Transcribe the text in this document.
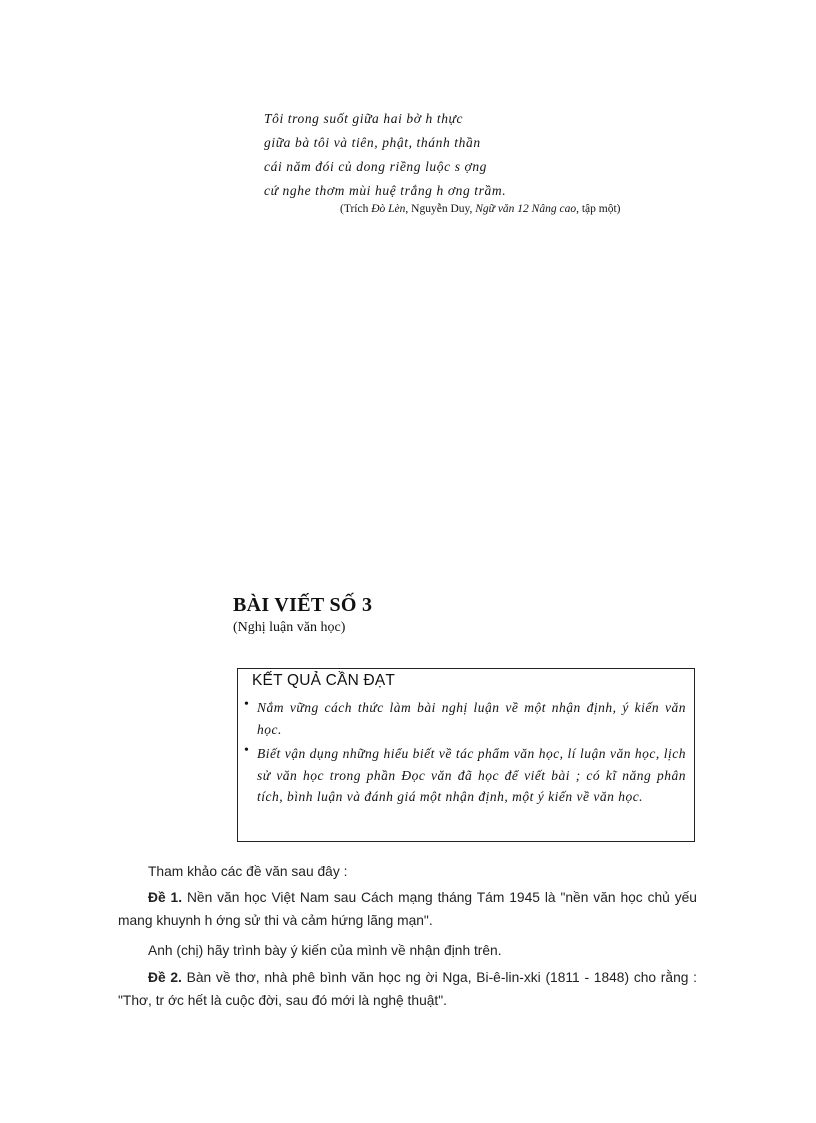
Tôi trong suốt giữa hai bờ h thực
giữa bà tôi và tiên, phật, thánh thần
cái năm đói củ dong riềng luộc s ợng
cứ nghe thơm mùi huệ trắng h ơng trầm.
(Trích Đò Lèn, Nguyễn Duy, Ngữ văn 12 Nâng cao, tập một)
BÀI VIẾT SỐ 3
(Nghị luận văn học)
KẾT QUẢ CẦN ĐẠT
• Nắm vững cách thức làm bài nghị luận về một nhận định, ý kiến văn học.
• Biết vận dụng những hiểu biết về tác phẩm văn học, lí luận văn học, lịch sử văn học trong phần Đọc văn đã học để viết bài ; có kĩ năng phân tích, bình luận và đánh giá một nhận định, một ý kiến về văn học.
Tham khảo các đề văn sau đây :
Đề 1. Nền văn học Việt Nam sau Cách mạng tháng Tám 1945 là "nền văn học chủ yếu mang khuynh h ớng sử thi và cảm hứng lãng mạn".
Anh (chị) hãy trình bày ý kiến của mình về nhận định trên.
Đề 2. Bàn về thơ, nhà phê bình văn học ng ời Nga, Bi-ê-lin-xki (1811 - 1848) cho rằng : "Thơ, tr ớc hết là cuộc đời, sau đó mới là nghệ thuật".
